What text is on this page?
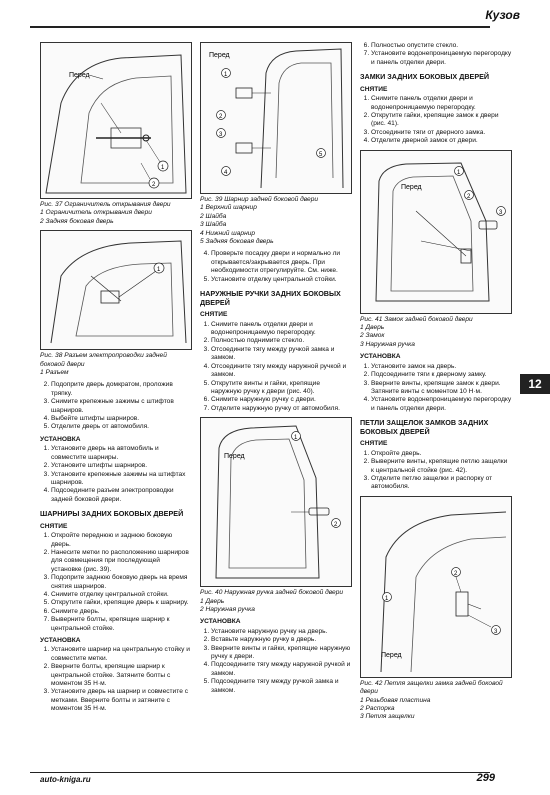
Кузов
Перед
1
2
Рис. 37 Ограничитель открывания двери
1 Ограничитель открывания двери
2 Задняя боковая дверь
1
Рис. 38 Разъем электропроводки задней боковой двери
1 Разъем
2. Подоприте дверь домкратом, проложив тряпку.
3. Снимите крепежные зажимы с штифтов шарниров.
4. Выбейте штифты шарниров.
5. Отделите дверь от автомобиля.
УСТАНОВКА
1. Установите дверь на автомобиль и совместите шарниры.
2. Установите штифты шарниров.
3. Установите крепежные зажимы на штифтах шарниров.
4. Подсоедините разъем электропроводки задней боковой двери.
ШАРНИРЫ ЗАДНИХ БОКОВЫХ ДВЕРЕЙ
СНЯТИЕ
1. Откройте переднюю и заднюю боковую дверь.
2. Нанесите метки по расположению шарниров для совмещения при последующей установке (рис. 39).
3. Подоприте заднюю боковую дверь на время снятия шарниров.
4. Снимите отделку центральной стойки.
5. Открутите гайки, крепящие дверь к шарниру.
6. Снимите дверь.
7. Выверните болты, крепящие шарнир к центральной стойке.
УСТАНОВКА
1. Установите шарнир на центральную стойку и совместите метки.
2. Вверните болты, крепящие шарнир к центральной стойке. Затяните болты с моментом 35 Н·м.
3. Установите дверь на шарнир и совместите с метками. Вверните болты и затяните с моментом 35 Н·м.
Перед
1
2
3
4
5
Рис. 39 Шарнир задней боковой двери
1 Верхний шарнир
2 Шайба
3 Шайба
4 Нижний шарнир
5 Задняя боковая дверь
4. Проверьте посадку двери и нормально ли открывается/закрывается дверь. При необходимости отрегулируйте. См. ниже.
5. Установите отделку центральной стойки.
НАРУЖНЫЕ РУЧКИ ЗАДНИХ БОКОВЫХ ДВЕРЕЙ
СНЯТИЕ
1. Снимите панель отделки двери и водонепроницаемую перегородку.
2. Полностью поднимите стекло.
3. Отсоедините тягу между ручкой замка и замком.
4. Отсоедините тягу между наружной ручкой и замком.
5. Открутите винты и гайки, крепящие наружную ручку к двери (рис. 40).
6. Снимите наружную ручку с двери.
7. Отделите наружную ручку от автомобиля.
Перед
1
2
Рис. 40 Наружная ручка задней боковой двери
1 Дверь
2 Наружная ручка
УСТАНОВКА
1. Установите наружную ручку на дверь.
2. Вставьте наружную ручку в дверь.
3. Вверните винты и гайки, крепящие наружную ручку к двери.
4. Подсоедините тягу между наружной ручкой и замком.
5. Подсоедините тягу между ручкой замка и замком.
6. Полностью опустите стекло.
7. Установите водонепроницаемую перегородку и панель отделки двери.
ЗАМКИ ЗАДНИХ БОКОВЫХ ДВЕРЕЙ
СНЯТИЕ
1. Снимите панель отделки двери и водонепроницаемую перегородку.
2. Открутите гайки, крепящие замок к двери (рис. 41).
3. Отсоедините тяги от дверного замка.
4. Отделите дверной замок от двери.
Перед
1
2
3
Рис. 41 Замок задней боковой двери
1 Дверь
2 Замок
3 Наружная ручка
УСТАНОВКА
1. Установите замок на дверь.
2. Подсоедините тяги к дверному замку.
3. Вверните винты, крепящие замок к двери. Затяните винты с моментом 10 Н·м.
4. Установите водонепроницаемую перегородку и панель отделки двери.
ПЕТЛИ ЗАЩЕЛОК ЗАМКОВ ЗАДНИХ БОКОВЫХ ДВЕРЕЙ
СНЯТИЕ
1. Откройте дверь.
2. Выверните винты, крепящие петлю защелки к центральной стойке (рис. 42).
3. Отделите петлю защелки и распорку от автомобиля.
Перед
1
2
3
Рис. 42 Петля защелки замка задней боковой двери
1 Резьбовая пластина
2 Распорка
3 Петля защелки
12
auto-kniga.ru	299
